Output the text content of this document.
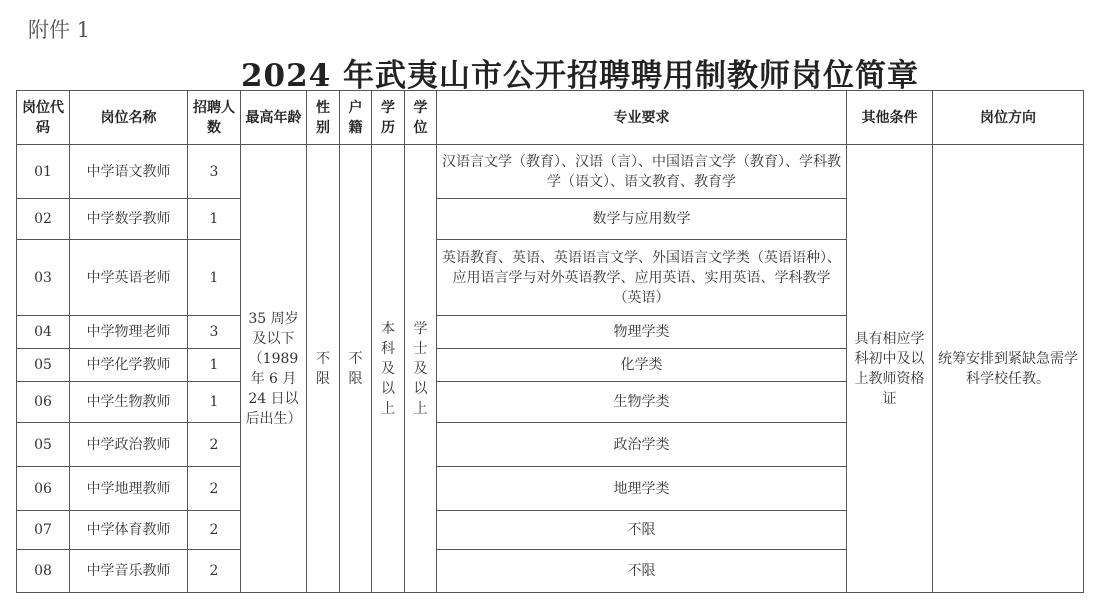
附件 1
2024 年武夷山市公开招聘聘用制教师岗位简章
岗位代码	岗位名称	招聘人数	最高年龄	性别	户籍	学历	学位	专业要求	其他条件	岗位方向
01	中学语文教师	3	35 周岁及以下（1989 年 6 月 24 日以后出生）	不限	不限	本科及以上	学士及以上	汉语言文学（教育）、汉语（言）、中国语言文学（教育）、学科教学（语文）、语文教育、教育学	具有相应学科初中及以上教师资格证	统筹安排到紧缺急需学科学校任教。
02	中学数学教师	1						数学与应用数学		
03	中学英语老师	1						英语教育、英语、英语语言文学、外国语言文学类（英语语种）、应用语言学与对外英语教学、应用英语、实用英语、学科教学（英语）		
04	中学物理老师	3						物理学类		
05	中学化学教师	1						化学类		
06	中学生物教师	1						生物学类		
05	中学政治教师	2						政治学类		
06	中学地理教师	2						地理学类		
07	中学体育教师	2						不限		
08	中学音乐教师	2						不限		
